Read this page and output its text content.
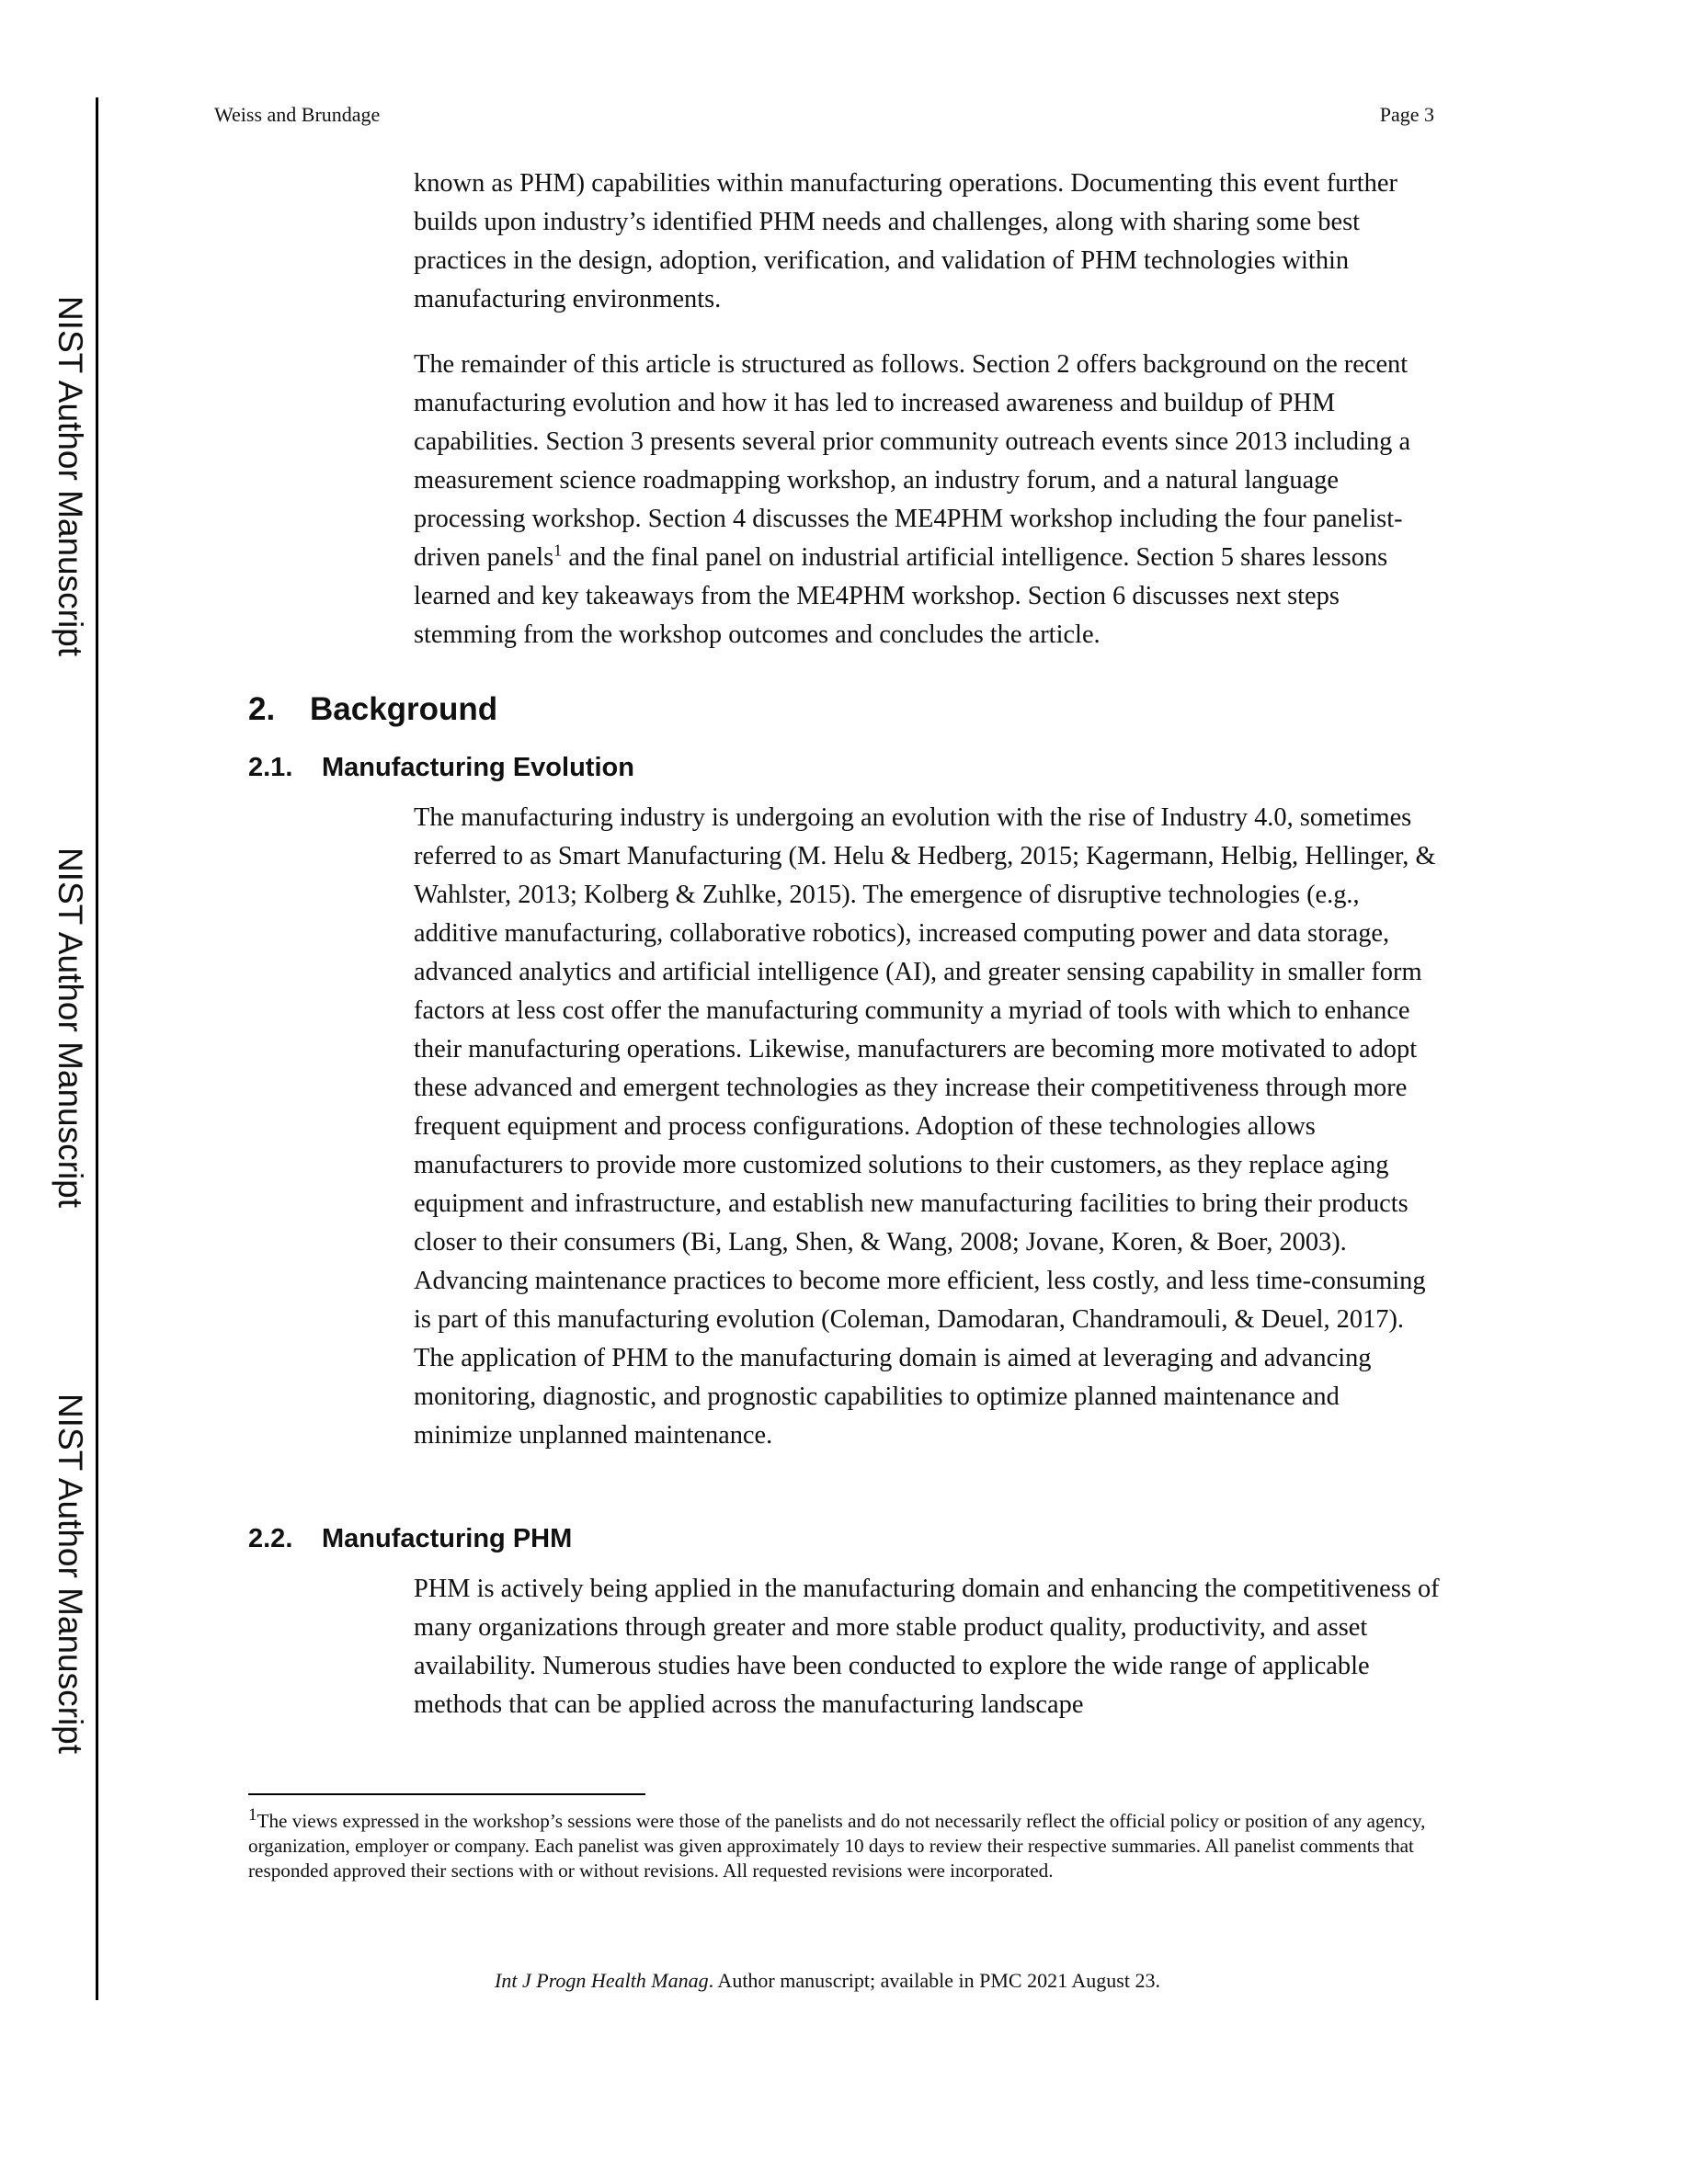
NIST Author Manuscript
NIST Author Manuscript
NIST Author Manuscript
Weiss and Brundage	Page 3

known as PHM) capabilities within manufacturing operations. Documenting this event further builds upon industry’s identified PHM needs and challenges, along with sharing some best practices in the design, adoption, verification, and validation of PHM technologies within manufacturing environments.

The remainder of this article is structured as follows. Section 2 offers background on the recent manufacturing evolution and how it has led to increased awareness and buildup of PHM capabilities. Section 3 presents several prior community outreach events since 2013 including a measurement science roadmapping workshop, an industry forum, and a natural language processing workshop. Section 4 discusses the ME4PHM workshop including the four panelist-driven panels$^1$ and the final panel on industrial artificial intelligence. Section 5 shares lessons learned and key takeaways from the ME4PHM workshop. Section 6 discusses next steps stemming from the workshop outcomes and concludes the article.

2. Background
2.1. Manufacturing Evolution

The manufacturing industry is undergoing an evolution with the rise of Industry 4.0, sometimes referred to as Smart Manufacturing (M. Helu & Hedberg, 2015; Kagermann, Helbig, Hellinger, & Wahlster, 2013; Kolberg & Zuhlke, 2015). The emergence of disruptive technologies (e.g., additive manufacturing, collaborative robotics), increased computing power and data storage, advanced analytics and artificial intelligence (AI), and greater sensing capability in smaller form factors at less cost offer the manufacturing community a myriad of tools with which to enhance their manufacturing operations. Likewise, manufacturers are becoming more motivated to adopt these advanced and emergent technologies as they increase their competitiveness through more frequent equipment and process configurations. Adoption of these technologies allows manufacturers to provide more customized solutions to their customers, as they replace aging equipment and infrastructure, and establish new manufacturing facilities to bring their products closer to their consumers (Bi, Lang, Shen, & Wang, 2008; Jovane, Koren, & Boer, 2003). Advancing maintenance practices to become more efficient, less costly, and less time-consuming is part of this manufacturing evolution (Coleman, Damodaran, Chandramouli, & Deuel, 2017). The application of PHM to the manufacturing domain is aimed at leveraging and advancing monitoring, diagnostic, and prognostic capabilities to optimize planned maintenance and minimize unplanned maintenance.

2.2. Manufacturing PHM

PHM is actively being applied in the manufacturing domain and enhancing the competitiveness of many organizations through greater and more stable product quality, productivity, and asset availability. Numerous studies have been conducted to explore the wide range of applicable methods that can be applied across the manufacturing landscape

$^1$The views expressed in the workshop’s sessions were those of the panelists and do not necessarily reflect the official policy or position of any agency, organization, employer or company. Each panelist was given approximately 10 days to review their respective summaries. All panelist comments that responded approved their sections with or without revisions. All requested revisions were incorporated.

Int J Progn Health Manag. Author manuscript; available in PMC 2021 August 23.
